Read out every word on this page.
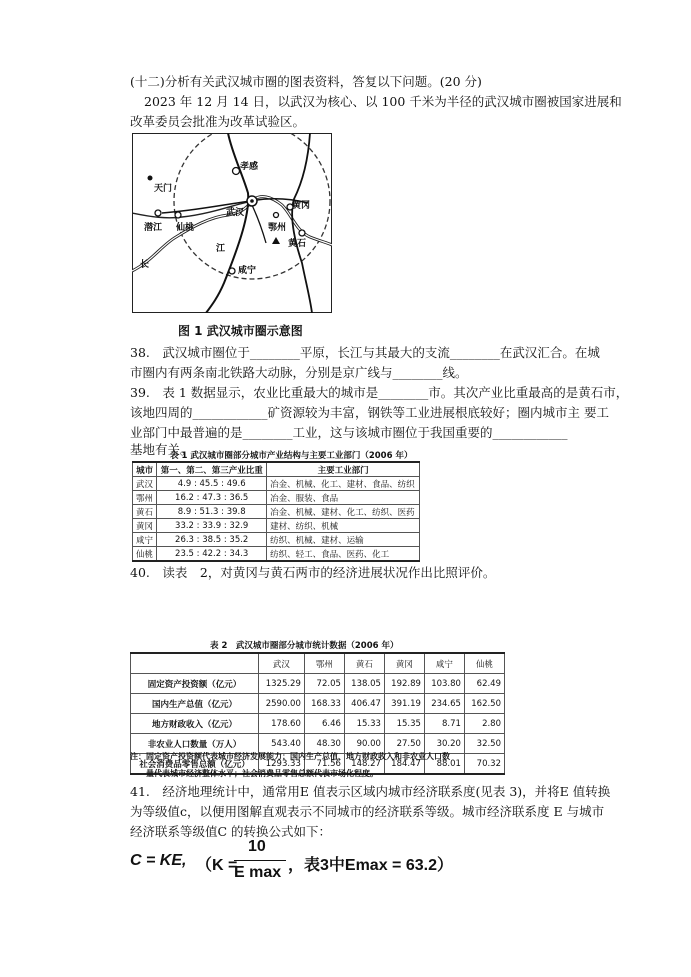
(十二)分析有关武汉城市圈的图表资料，答复以下问题。(20 分)
2023 年 12 月 14 日，以武汉为核心、以 100 千米为半径的武汉城市圈被国家进展和
改革委员会批准为改革试验区。
孝感
天门
潜江 仙桃
武汉
黄冈
鄂州
黄石
江
长
咸宁
图 1 武汉城市圈示意图
38.　武汉城市圈位于________平原，长江与其最大的支流________在武汉汇合。在城
市圈内有两条南北铁路大动脉，分别是京广线与________线。
39.　表 1 数据显示，农业比重最大的城市是________市。其次产业比重最高的是黄石市，
该地四周的____________矿资源较为丰富，钢铁等工业进展根底较好；圈内城市主 要工
业部门中最普遍的是________工业，这与该城市圈位于我国重要的____________
基地有关。
表 1 武汉城市圈部分城市产业结构与主要工业部门（2006 年）
城市	第一、第二、第三产业比重	主要工业部门
武汉	4.9 : 45.5 : 49.6	冶金、机械、化工、建材、食品、纺织
鄂州	16.2 : 47.3 : 36.5	冶金、服装、食品
黄石	8.9 : 51.3 : 39.8	冶金、机械、建材、化工、纺织、医药
黄冈	33.2 : 33.9 : 32.9	建材、纺织、机械
咸宁	26.3 : 38.5 : 35.2	纺织、机械、建材、运输
仙桃	23.5 : 42.2 : 34.3	纺织、轻工、食品、医药、化工
40.　读表　2，对黄冈与黄石两市的经济进展状况作出比照评价。
表 2　武汉城市圈部分城市统计数据（2006 年）
	武汉	鄂州	黄石	黄冈	咸宁	仙桃
固定资产投资额（亿元）	1325.29	72.05	138.05	192.89	103.80	62.49
国内生产总值（亿元）	2590.00	168.33	406.47	391.19	234.65	162.50
地方财政收入（亿元）	178.60	6.46	15.33	15.35	8.71	2.80
非农业人口数量（万人）	543.40	48.30	90.00	27.50	30.20	32.50
社会消费品零售总额（亿元）	1293.33	71.56	148.27	184.47	88.01	70.32
注：固定资产投资额代表城市经济发展能力；国内生产总值、地方财政收入和非农业人口数
　　量代表城市经济整体水平；社会消费品零售总额代表市场化程度。
41.　经济地理统计中，通常用E 值表示区域内城市经济联系度(见表 3)，并将E 值转换
为等级值c，以便用图解直观表示不同城市的经济联系等级。城市经济联系度 E 与城市
经济联系等级值C 的转换公式如下：
C = KE, （K =
10
E max ，表3中Emax = 63.2）
